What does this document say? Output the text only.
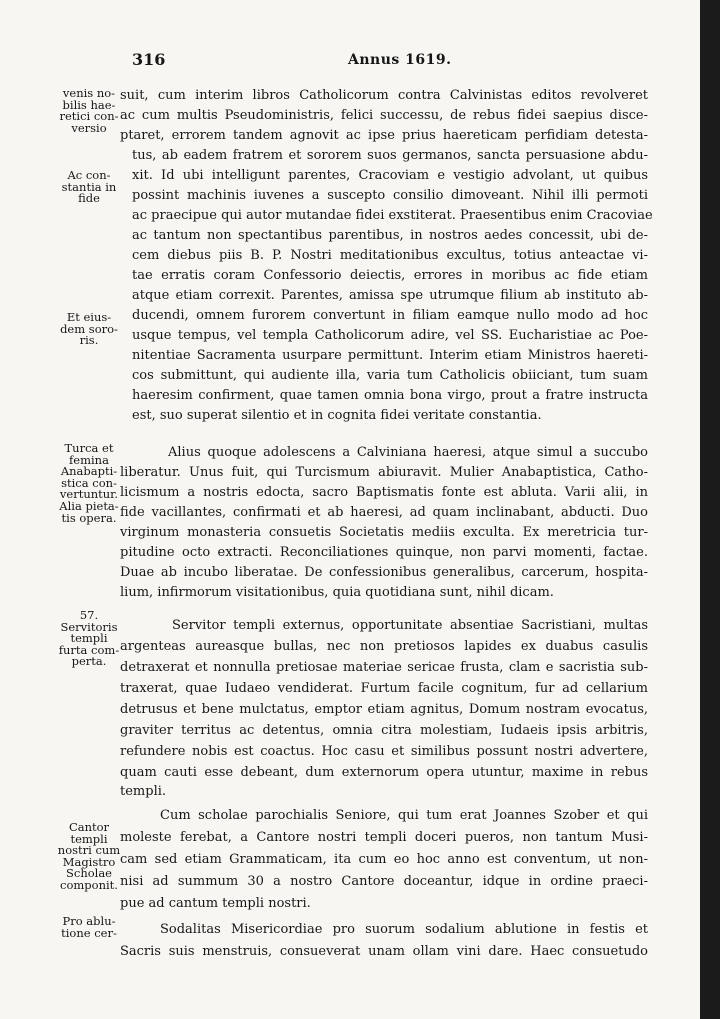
316	Annus 1619.
venis no-
bilis hae-
retici con-
versio
Ac con-
stantia in
fide
Et eius-
dem soro-
ris.
suit, cum interim libros Catholicorum contra Calvinistas editos revolveret
ac cum multis Pseudoministris, felici successu, de rebus fidei saepius disce-
ptaret, errorem tandem agnovit ac ipse prius haereticam perfidiam detesta-
tus, ab eadem fratrem et sororem suos germanos, sancta persuasione abdu-
xit. Id ubi intelligunt parentes, Cracoviam e vestigio advolant, ut quibus
possint machinis iuvenes a suscepto consilio dimoveant. Nihil illi permoti
ac praecipue qui autor mutandae fidei exstiterat. Praesentibus enim Cracoviae
ac tantum non spectantibus parentibus, in nostros aedes concessit, ubi de-
cem diebus piis B. P. Nostri meditationibus excultus, totius anteactae vi-
tae erratis coram Confessorio deiectis, errores in moribus ac fide etiam
atque etiam correxit. Parentes, amissa spe utrumque filium ab instituto ab-
ducendi, omnem furorem convertunt in filiam eamque nullo modo ad hoc
usque tempus, vel templa Catholicorum adire, vel SS. Eucharistiae ac Poe-
nitentiae Sacramenta usurpare permittunt. Interim etiam Ministros haereti-
cos submittunt, qui audiente illa, varia tum Catholicis obiiciant, tum suam
haeresim confirment, quae tamen omnia bona virgo, prout a fratre instructa
est, suo superat silentio et in cognita fidei veritate constantia.
Turca et
femina
Anabapti-
stica con-
vertuntur.
Alia pieta-
tis opera.
Alius quoque adolescens a Calviniana haeresi, atque simul a succubo
liberatur. Unus fuit, qui Turcismum abiuravit. Mulier Anabaptistica, Catho-
licismum a nostris edocta, sacro Baptismatis fonte est abluta. Varii alii, in
fide vacillantes, confirmati et ab haeresi, ad quam inclinabant, abducti. Duo
virginum monasteria consuetis Societatis mediis exculta. Ex meretricia tur-
pitudine octo extracti. Reconciliationes quinque, non parvi momenti, factae.
Duae ab incubo liberatae. De confessionibus generalibus, carcerum, hospita-
lium, infirmorum visitationibus, quia quotidiana sunt, nihil dicam.
57.
Servitoris
templi
furta com-
perta.
Servitor templi externus, opportunitate absentiae Sacristiani, multas
argenteas aureasque bullas, nec non pretiosos lapides ex duabus casulis
detraxerat et nonnulla pretiosae materiae sericae frusta, clam e sacristia sub-
traxerat, quae Iudaeo vendiderat. Furtum facile cognitum, fur ad cellarium
detrusus et bene mulctatus, emptor etiam agnitus, Domum nostram evocatus,
graviter territus ac detentus, omnia citra molestiam, Iudaeis ipsis arbitris,
refundere nobis est coactus. Hoc casu et similibus possunt nostri advertere,
quam cauti esse debeant, dum externorum opera utuntur, maxime in rebus
templi.
Cantor
templi
nostri cum
Magistro
Scholae
componit.
Cum scholae parochialis Seniore, qui tum erat Joannes Szober et qui
moleste ferebat, a Cantore nostri templi doceri pueros, non tantum Musi-
cam sed etiam Grammaticam, ita cum eo hoc anno est conventum, ut non-
nisi ad summum 30 a nostro Cantore doceantur, idque in ordine praeci-
pue ad cantum templi nostri.
Pro ablu-
tione cer-	Sodalitas Misericordiae pro suorum sodalium ablutione in festis et
Sacris suis menstruis, consueverat unam ollam vini dare. Haec consuetudo
